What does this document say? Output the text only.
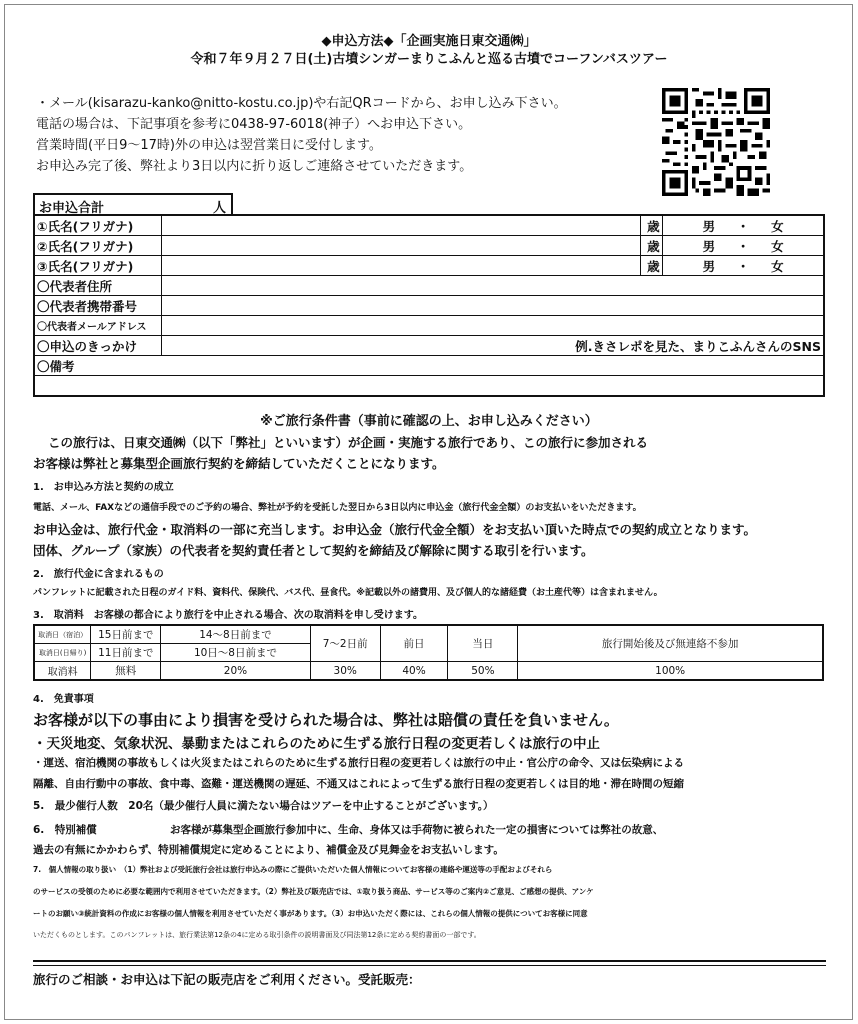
◆申込方法◆「企画実施日東交通㈱」
令和７年９月２７日(土)古墳シンガーまりこふんと巡る古墳でコーフンバスツアー
・メール(kisarazu-kanko@nitto-kostu.co.jp)や右記QRコードから、お申し込み下さい。
電話の場合は、下記事項を参考に0438-97-6018(神子）へお申込下さい。
営業時間(平日9～17時)外の申込は翌営業日に受付します。
お申込み完了後、弊社より3日以内に折り返しご連絡させていただきます。
お申込合計	人
①氏名(フリガナ)		歳	男 ・ 女
②氏名(フリガナ)		歳	男 ・ 女
③氏名(フリガナ)		歳	男 ・ 女
〇代表者住所			
〇代表者携帯番号			
〇代表者メールアドレス			
〇申込のきっかけ	例.きさレポを見た、まりこふんさんのSNS		
〇備考			

※ご旅行条件書（事前に確認の上、お申し込みください）
この旅行は、日東交通㈱（以下「弊社」といいます）が企画・実施する旅行であり、この旅行に参加される
お客様は弊社と募集型企画旅行契約を締結していただくことになります。
1.　お申込み方法と契約の成立
電話、メール、FAXなどの通信手段でのご予約の場合、弊社が予約を受託した翌日から3日以内に申込金（旅行代金全額）のお支払いをいただきます。
お申込金は、旅行代金・取消料の一部に充当します。お申込金（旅行代金全額）をお支払い頂いた時点での契約成立となります。
団体、グループ（家族）の代表者を契約責任者として契約を締結及び解除に関する取引を行います。
2.　旅行代金に含まれるもの
パンフレットに記載された日程のガイド料、資料代、保険代、バス代、昼食代。※記載以外の諸費用、及び個人的な諸経費（お土産代等）は含まれません。
3.　取消料　お客様の都合により旅行を中止される場合、次の取消料を申し受けます。
取消日（宿泊）	15日前まで	14～8日前まで	7～2日前	前日	当日	旅行開始後及び無連絡不参加
取消日(日帰り)	11日前まで	10日～8日前まで				
取消料	無料	20%	30%	40%	50%	100%
4.　免責事項
お客様が以下の事由により損害を受けられた場合は、弊社は賠償の責任を負いません。
・天災地変、気象状況、暴動またはこれらのために生ずる旅行日程の変更若しくは旅行の中止
・運送、宿泊機関の事故もしくは火災またはこれらのために生ずる旅行日程の変更若しくは旅行の中止・官公庁の命令、又は伝染病による
隔離、自由行動中の事故、食中毒、盗難・運送機関の遅延、不通又はこれによって生ずる旅行日程の変更若しくは目的地・滞在時間の短縮
5.　最少催行人数　20名（最少催行人員に満たない場合はツアーを中止することがございます。）
6.　特別補償	お客様が募集型企画旅行参加中に、生命、身体又は手荷物に被られた一定の損害については弊社の故意、
過去の有無にかかわらず、特別補償規定に定めることにより、補償金及び見舞金をお支払いします。
7.　個人情報の取り扱い　（1）弊社および受託旅行会社は旅行申込みの際にご提供いただいた個人情報についてお客様の連絡や運送等の手配およびそれら
のサービスの受領のために必要な範囲内で利用させていただきます。（2）弊社及び販売店では、①取り扱う商品、サービス等のご案内②ご意見、ご感想の提供、アンケ
ートのお願い③統計資料の作成にお客様の個人情報を利用させていただく事があります。（3）お申込いただく際には、これらの個人情報の提供についてお客様に同意
いただくものとします。このパンフレットは、旅行業法第12条の4に定める取引条件の説明書面及び同法第12条に定める契約書面の一部です。
旅行のご相談・お申込は下記の販売店をご利用ください。受託販売：
